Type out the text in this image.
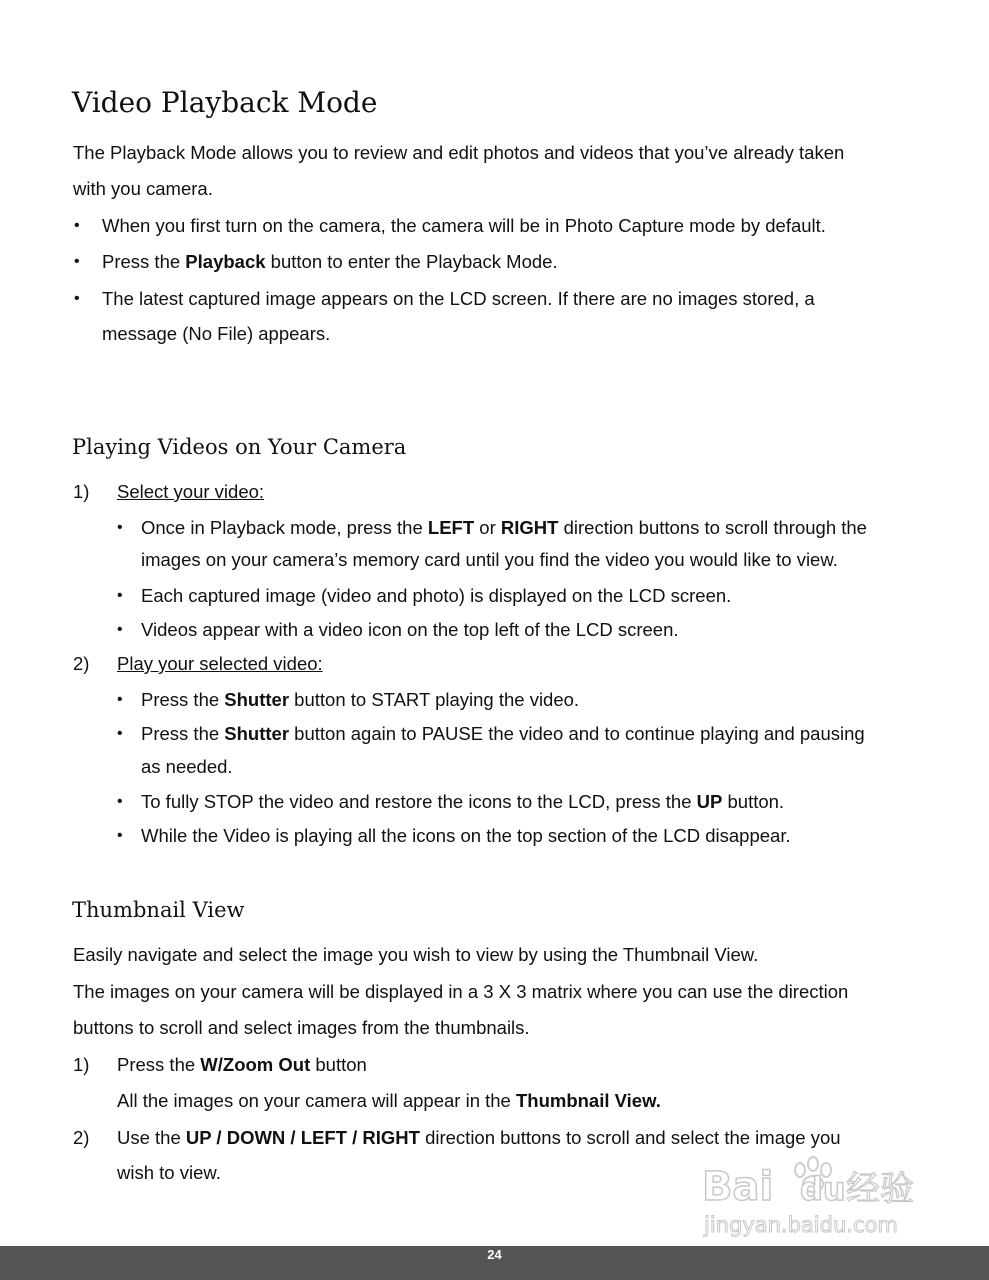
Video Playback Mode
The Playback Mode allows you to review and edit photos and videos that you’ve already taken
with you camera.
• When you first turn on the camera, the camera will be in Photo Capture mode by default.
• Press the Playback button to enter the Playback Mode.
• The latest captured image appears on the LCD screen. If there are no images stored, a
message (No File) appears.
Playing Videos on Your Camera
1) Select your video:
• Once in Playback mode, press the LEFT or RIGHT direction buttons to scroll through the
images on your camera’s memory card until you find the video you would like to view.
• Each captured image (video and photo) is displayed on the LCD screen.
• Videos appear with a video icon on the top left of the LCD screen.
2) Play your selected video:
• Press the Shutter button to START playing the video.
• Press the Shutter button again to PAUSE the video and to continue playing and pausing
as needed.
• To fully STOP the video and restore the icons to the LCD, press the UP button.
• While the Video is playing all the icons on the top section of the LCD disappear.
Thumbnail View
Easily navigate and select the image you wish to view by using the Thumbnail View.
The images on your camera will be displayed in a 3 X 3 matrix where you can use the direction
buttons to scroll and select images from the thumbnails.
1) Press the W/Zoom Out button
All the images on your camera will appear in the Thumbnail View.
2) Use the UP / DOWN / LEFT / RIGHT direction buttons to scroll and select the image you
wish to view.	Bai du 经验
jingyan.baidu.com
24
